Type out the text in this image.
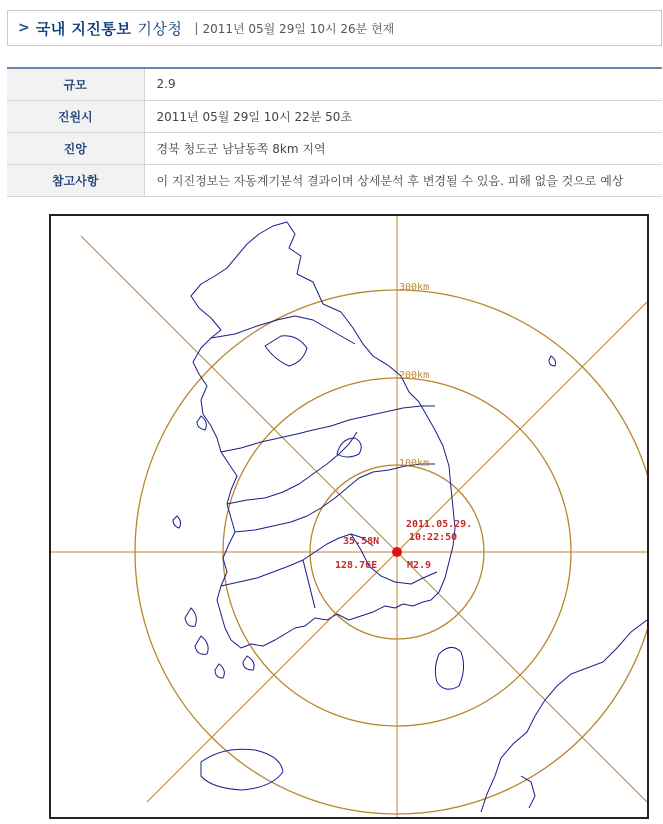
> 국내 지진통보 기상청 | 2011년 05월 29일 10시 26분 현재
규모	2.9
진원시	2011년 05월 29일 10시 22분 50초
진앙	경북 청도군 남남동쪽 8km 지역
참고사항	이 지진정보는 자동계기분석 결과이며 상세분석 후 변경될 수 있음. 피해 없을 것으로 예상
100km
200km
300km
2011.05.29.
10:22:50
35.58N
128.76E	M2.9
